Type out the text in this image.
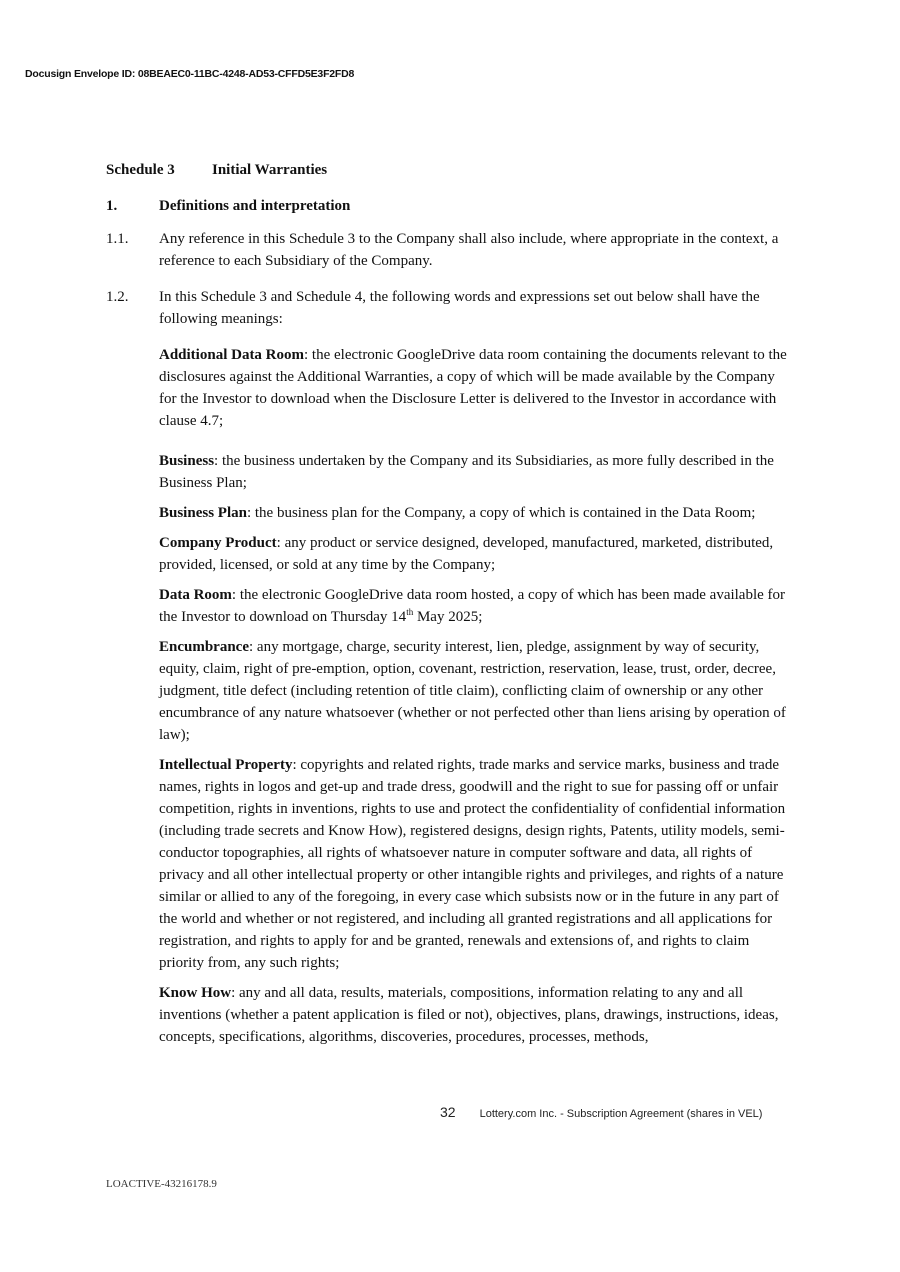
Docusign Envelope ID: 08BEAEC0-11BC-4248-AD53-CFFD5E3F2FD8
Schedule 3 Initial Warranties
1.	Definitions and interpretation
1.1.	Any reference in this Schedule 3 to the Company shall also include, where appropriate in the context, a reference to each Subsidiary of the Company.
1.2.	In this Schedule 3 and Schedule 4, the following words and expressions set out below shall have the following meanings:

Additional Data Room: the electronic GoogleDrive data room containing the documents relevant to the disclosures against the Additional Warranties, a copy of which will be made available by the Company for the Investor to download when the Disclosure Letter is delivered to the Investor in accordance with clause 4.7;

Business: the business undertaken by the Company and its Subsidiaries, as more fully described in the Business Plan;

Business Plan: the business plan for the Company, a copy of which is contained in the Data Room;

Company Product: any product or service designed, developed, manufactured, marketed, distributed, provided, licensed, or sold at any time by the Company;

Data Room: the electronic GoogleDrive data room hosted, a copy of which has been made available for the Investor to download on Thursday 14th May 2025;

Encumbrance: any mortgage, charge, security interest, lien, pledge, assignment by way of security, equity, claim, right of pre-emption, option, covenant, restriction, reservation, lease, trust, order, decree, judgment, title defect (including retention of title claim), conflicting claim of ownership or any other encumbrance of any nature whatsoever (whether or not perfected other than liens arising by operation of law);

Intellectual Property: copyrights and related rights, trade marks and service marks, business and trade names, rights in logos and get-up and trade dress, goodwill and the right to sue for passing off or unfair competition, rights in inventions, rights to use and protect the confidentiality of confidential information (including trade secrets and Know How), registered designs, design rights, Patents, utility models, semi-conductor topographies, all rights of whatsoever nature in computer software and data, all rights of privacy and all other intellectual property or other intangible rights and privileges, and rights of a nature similar or allied to any of the foregoing, in every case which subsists now or in the future in any part of the world and whether or not registered, and including all granted registrations and all applications for registration, and rights to apply for and be granted, renewals and extensions of, and rights to claim priority from, any such rights;

Know How: any and all data, results, materials, compositions, information relating to any and all inventions (whether a patent application is filed or not), objectives, plans, drawings, instructions, ideas, concepts, specifications, algorithms, discoveries, procedures, processes, methods,

32 Lottery.com Inc. - Subscription Agreement (shares in VEL)
LOACTIVE-43216178.9
